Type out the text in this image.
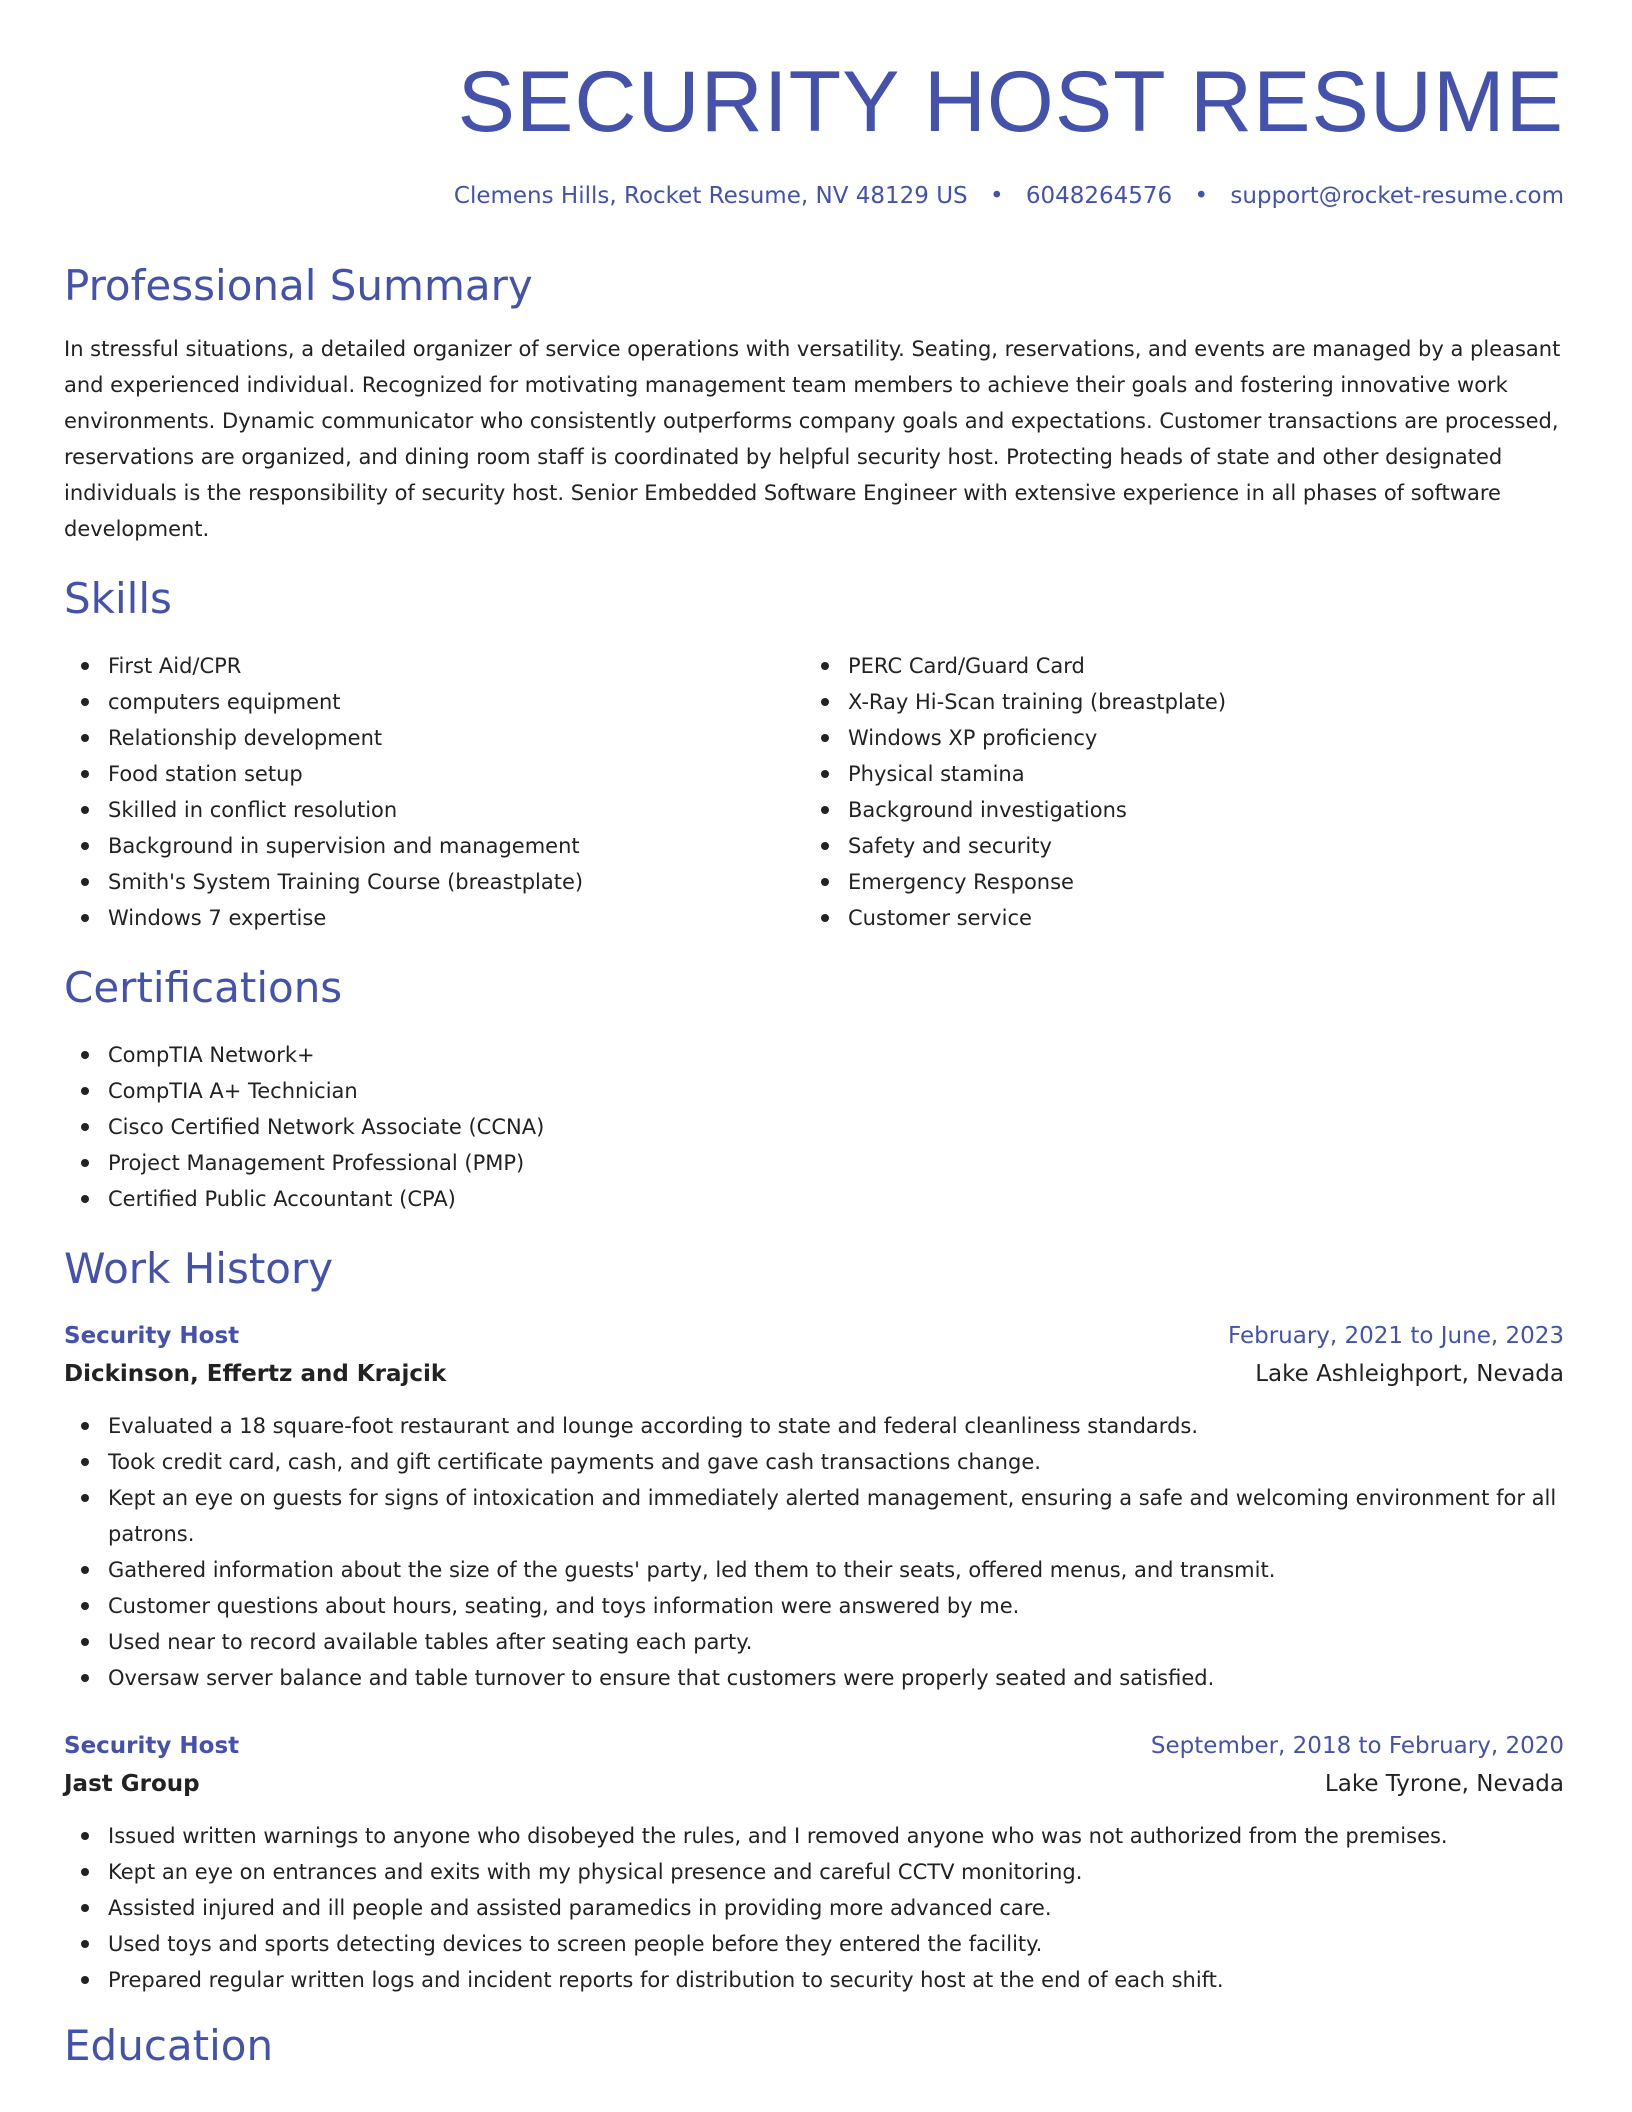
SECURITY HOST RESUME
Clemens Hills, Rocket Resume, NV 48129 US • 6048264576 • support@rocket-resume.com
Professional Summary

In stressful situations, a detailed organizer of service operations with versatility. Seating, reservations, and events are managed by a pleasant and experienced individual. Recognized for motivating management team members to achieve their goals and fostering innovative work environments. Dynamic communicator who consistently outperforms company goals and expectations. Customer transactions are processed, reservations are organized, and dining room staff is coordinated by helpful security host. Protecting heads of state and other designated individuals is the responsibility of security host. Senior Embedded Software Engineer with extensive experience in all phases of software development.

Skills
First Aid/CPR
computers equipment
Relationship development
Food station setup
Skilled in conflict resolution
Background in supervision and management
Smith's System Training Course (breastplate)
Windows 7 expertise
PERC Card/Guard Card
X-Ray Hi-Scan training (breastplate)
Windows XP proficiency
Physical stamina
Background investigations
Safety and security
Emergency Response
Customer service
Certifications
CompTIA Network+
CompTIA A+ Technician
Cisco Certified Network Associate (CCNA)
Project Management Professional (PMP)
Certified Public Accountant (CPA)
Work History
Security Host	February, 2021 to June, 2023
Dickinson, Effertz and Krajcik	Lake Ashleighport, Nevada
Evaluated a 18 square-foot restaurant and lounge according to state and federal cleanliness standards.
Took credit card, cash, and gift certificate payments and gave cash transactions change.
Kept an eye on guests for signs of intoxication and immediately alerted management, ensuring a safe and welcoming environment for all patrons.
Gathered information about the size of the guests' party, led them to their seats, offered menus, and transmit.
Customer questions about hours, seating, and toys information were answered by me.
Used near to record available tables after seating each party.
Oversaw server balance and table turnover to ensure that customers were properly seated and satisfied.
Security Host	September, 2018 to February, 2020
Jast Group	Lake Tyrone, Nevada
Issued written warnings to anyone who disobeyed the rules, and I removed anyone who was not authorized from the premises.
Kept an eye on entrances and exits with my physical presence and careful CCTV monitoring.
Assisted injured and ill people and assisted paramedics in providing more advanced care.
Used toys and sports detecting devices to screen people before they entered the facility.
Prepared regular written logs and incident reports for distribution to security host at the end of each shift.
Education
